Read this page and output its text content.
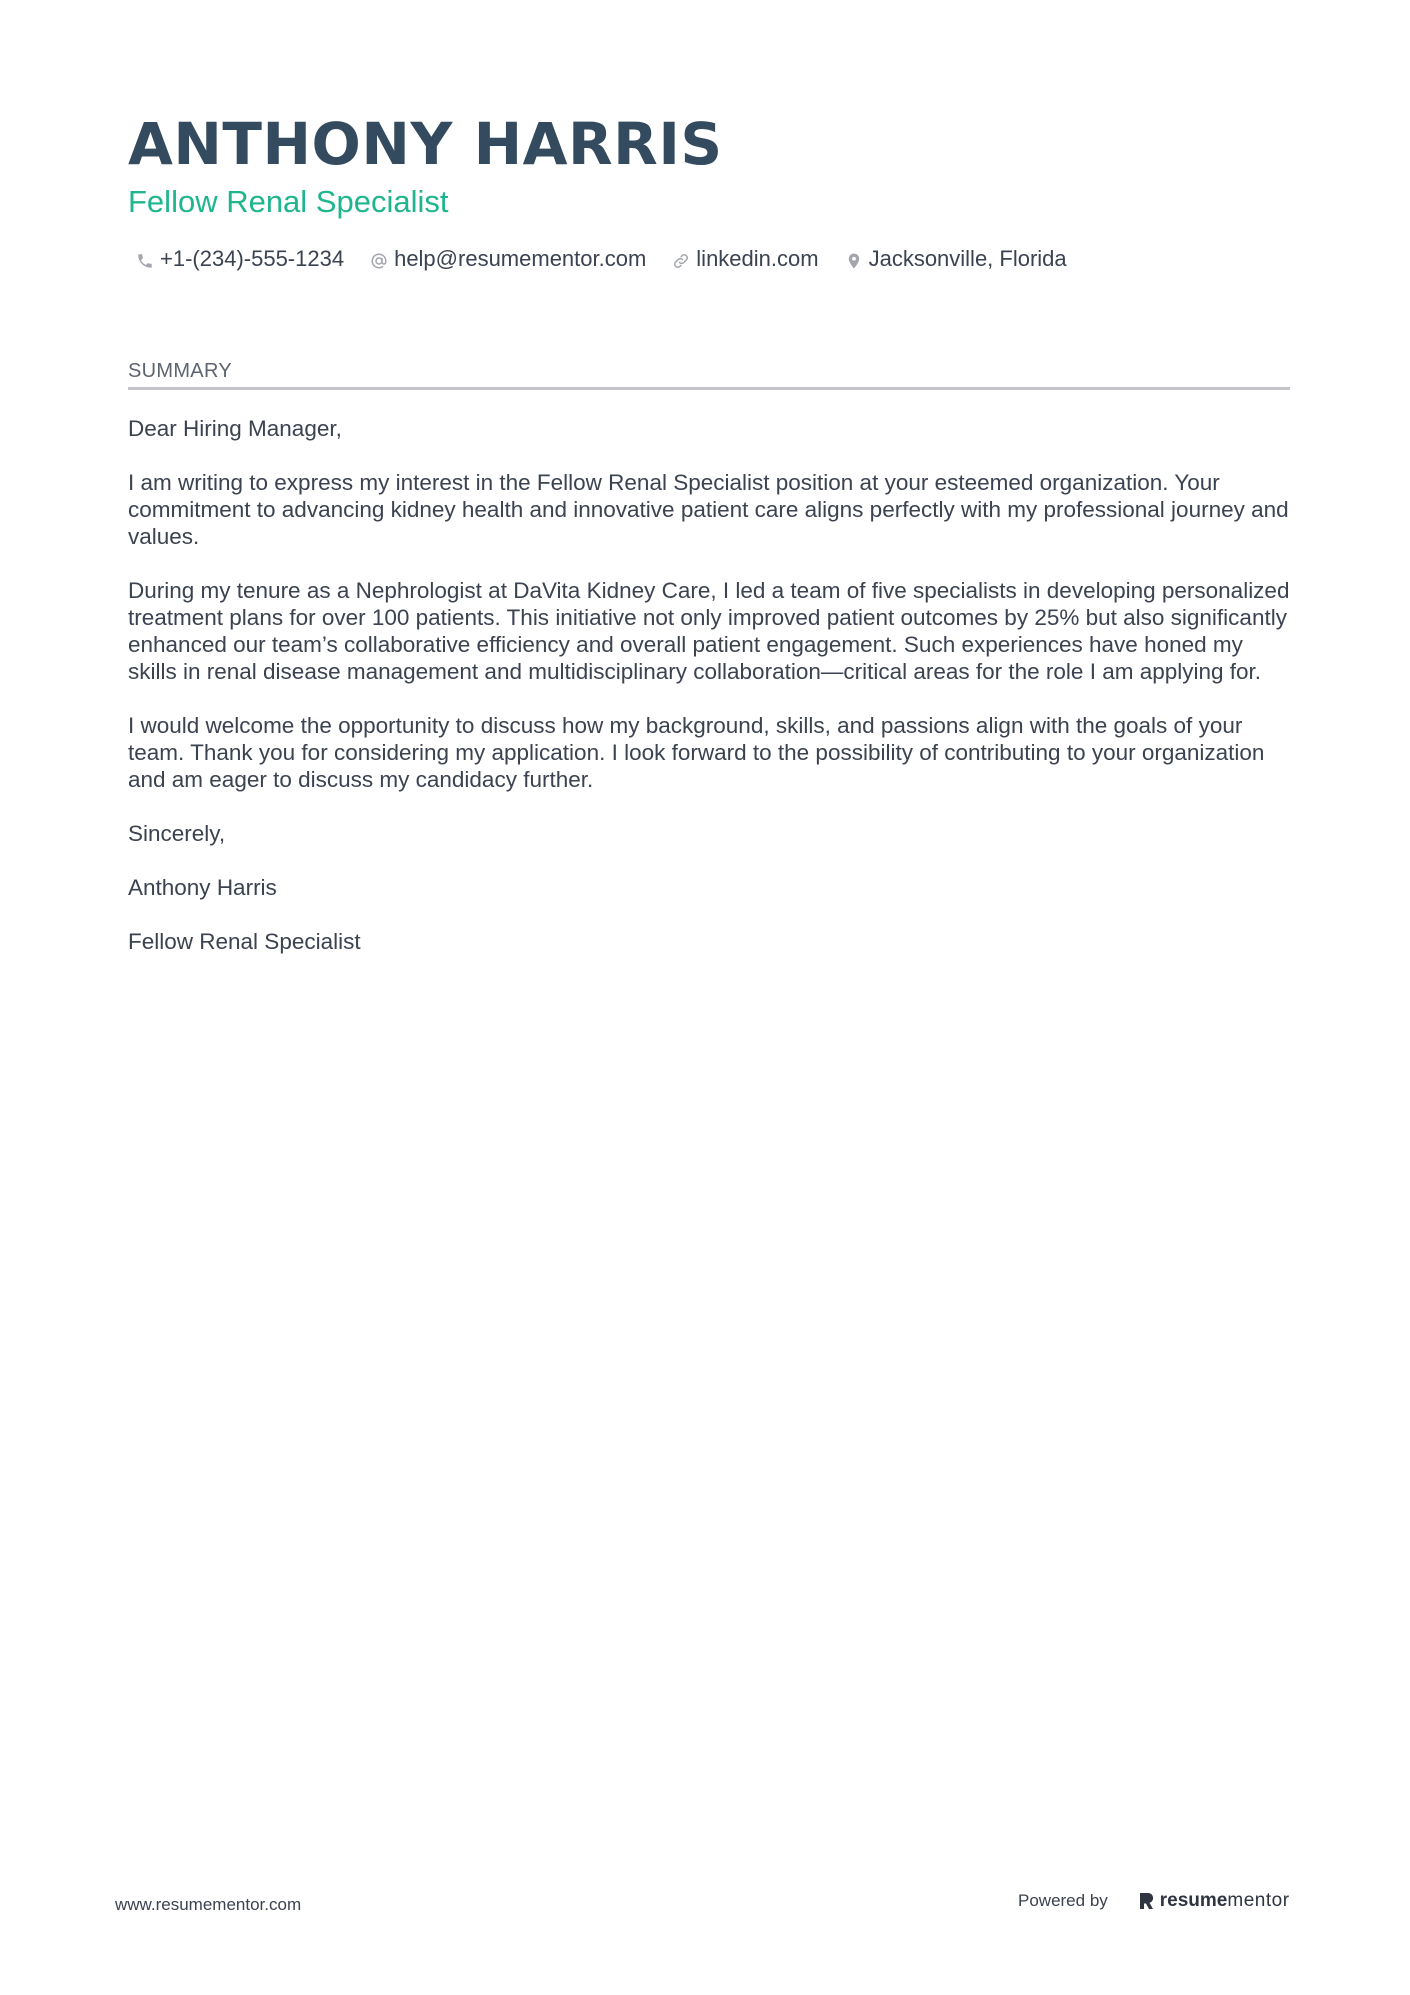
ANTHONY HARRIS
Fellow Renal Specialist
+1-(234)-555-1234 help@resumementor.com linkedin.com Jacksonville, Florida
SUMMARY

Dear Hiring Manager,

I am writing to express my interest in the Fellow Renal Specialist position at your esteemed organization. Your commitment to advancing kidney health and innovative patient care aligns perfectly with my professional journey and values.

During my tenure as a Nephrologist at DaVita Kidney Care, I led a team of five specialists in developing personalized treatment plans for over 100 patients. This initiative not only improved patient outcomes by 25% but also significantly enhanced our team’s collaborative efficiency and overall patient engagement. Such experiences have honed my skills in renal disease management and multidisciplinary collaboration—critical areas for the role I am applying for.

I would welcome the opportunity to discuss how my background, skills, and passions align with the goals of your team. Thank you for considering my application. I look forward to the possibility of contributing to your organization and am eager to discuss my candidacy further.

Sincerely,

Anthony Harris

Fellow Renal Specialist

www.resumementor.com	Powered by	resume mentor
